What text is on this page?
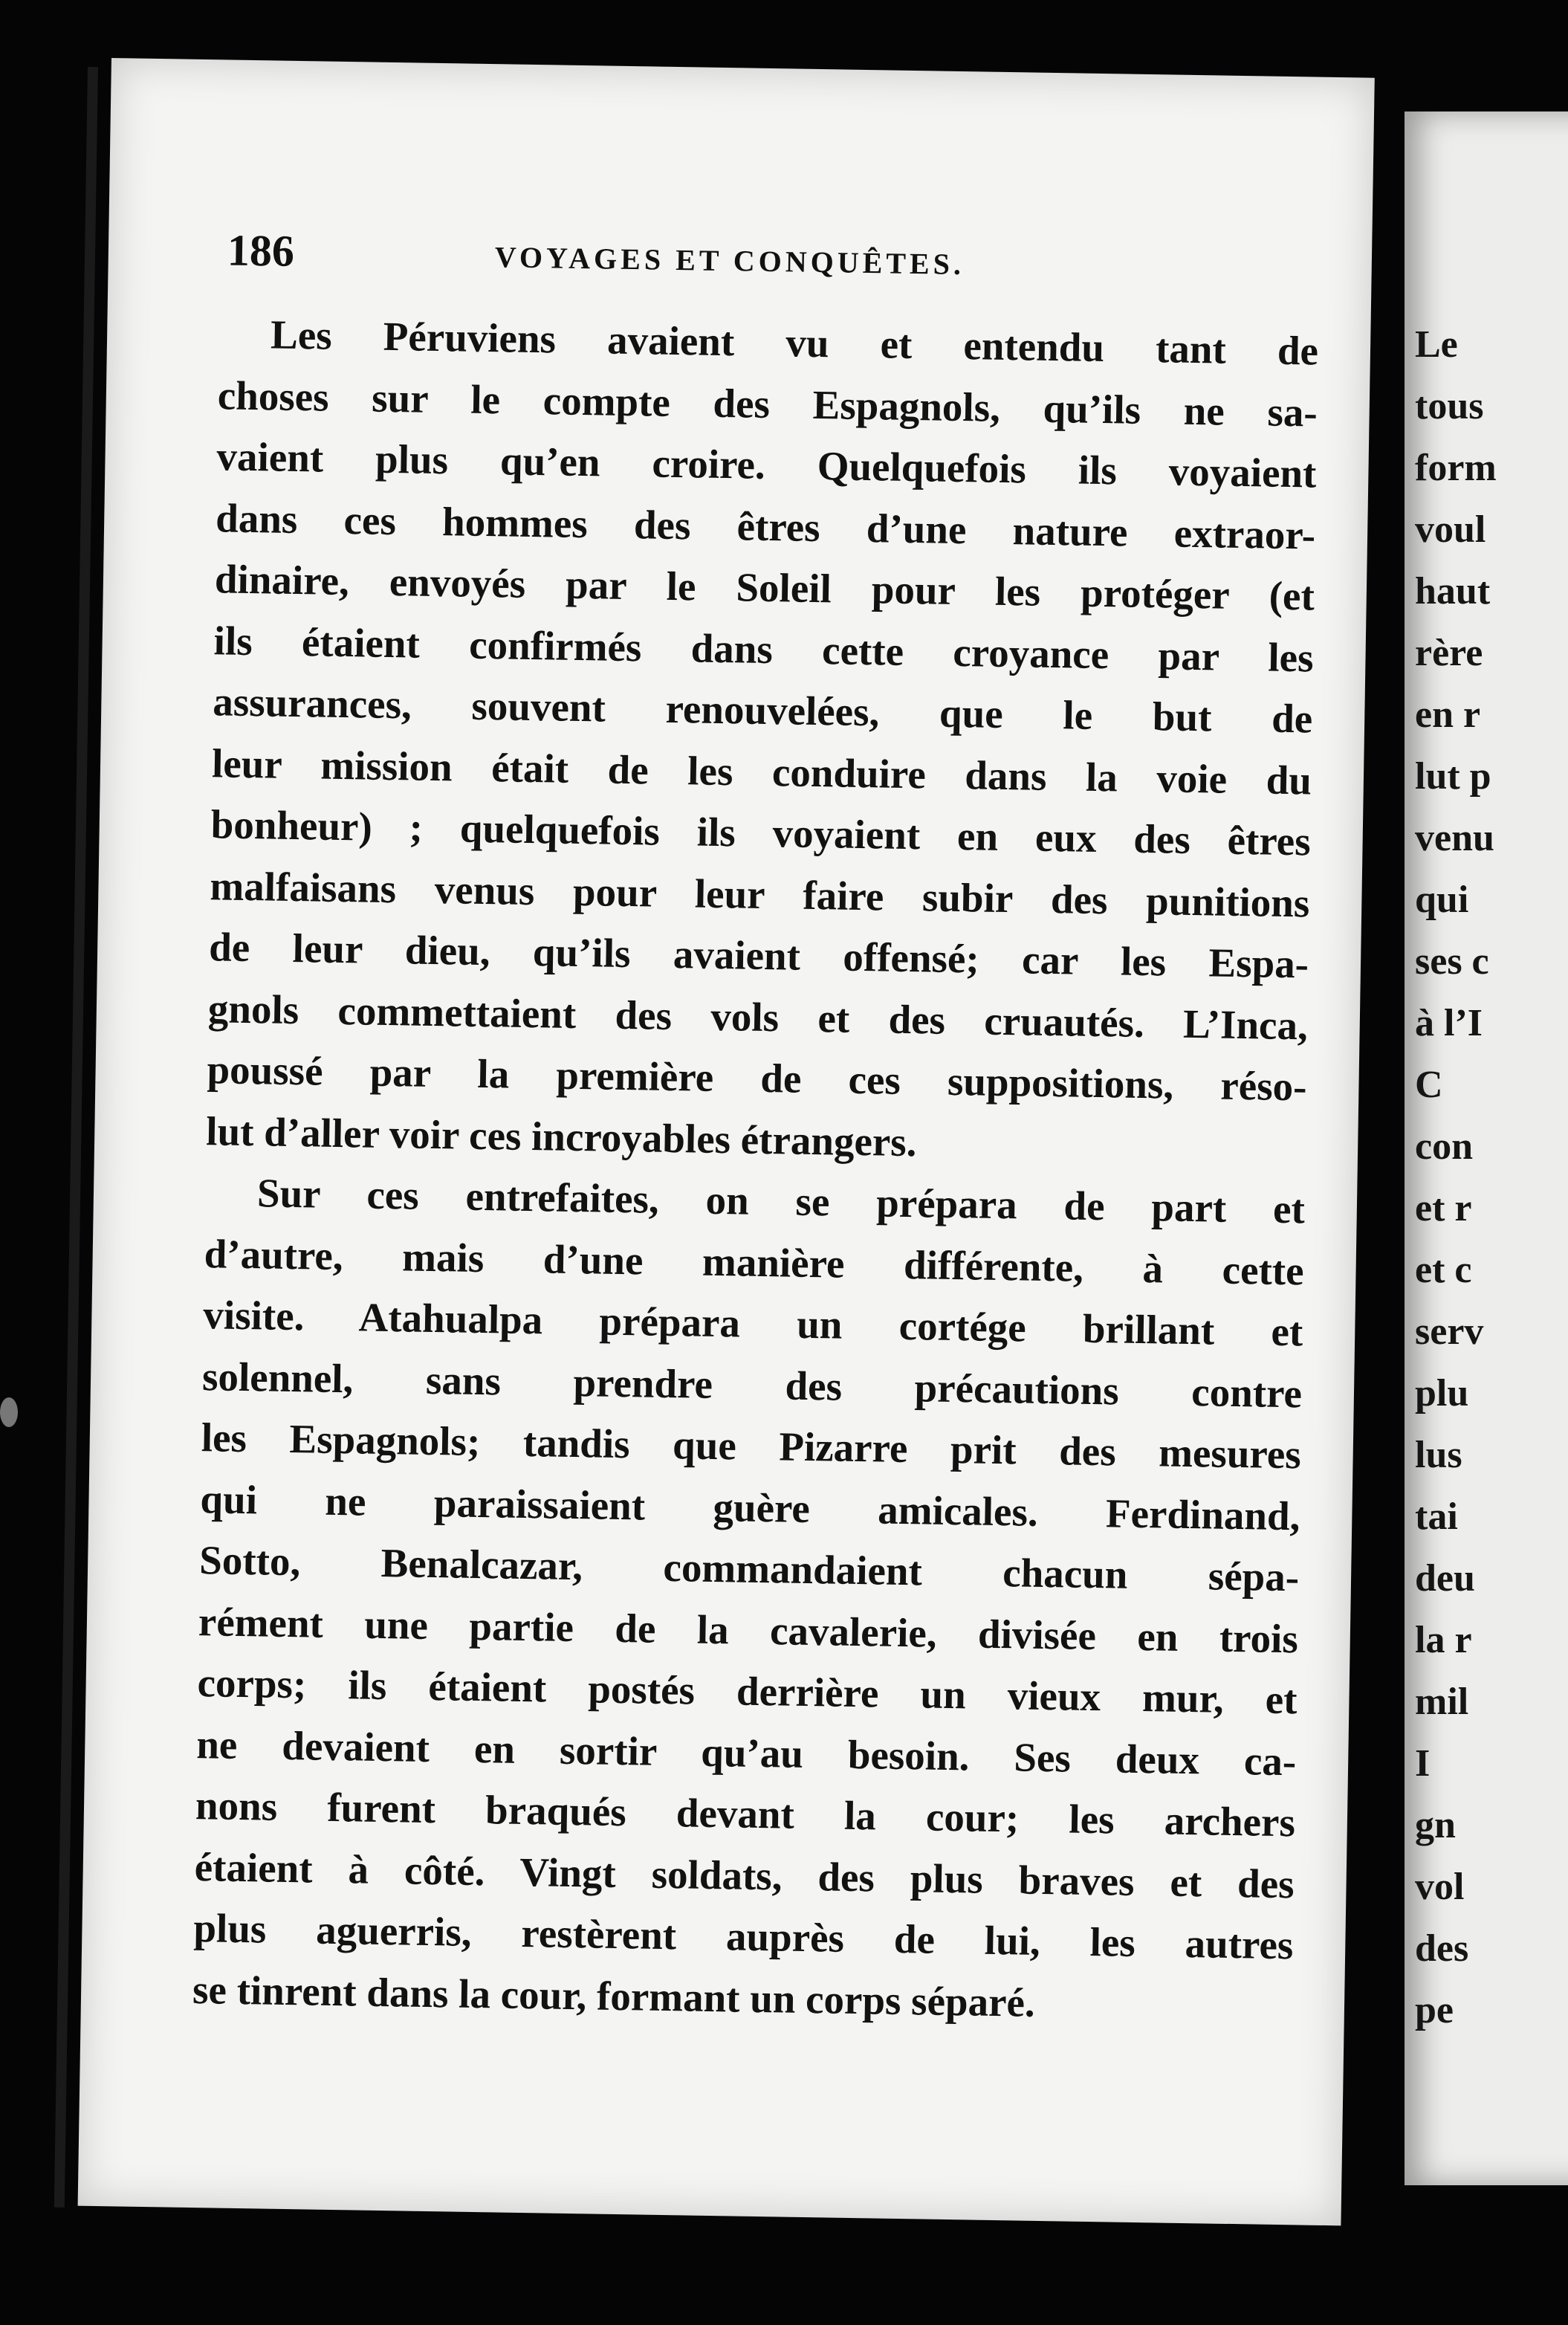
186	VOYAGES ET CONQUÊTES.
Les Péruviens avaient vu et entendu tant de
choses sur le compte des Espagnols, qu’ils ne sa-
vaient plus qu’en croire. Quelquefois ils voyaient
dans ces hommes des êtres d’une nature extraor-
dinaire, envoyés par le Soleil pour les protéger (et
ils étaient confirmés dans cette croyance par les
assurances, souvent renouvelées, que le but de
leur mission était de les conduire dans la voie du
bonheur) ; quelquefois ils voyaient en eux des êtres
malfaisans venus pour leur faire subir des punitions
de leur dieu, qu’ils avaient offensé; car les Espa-
gnols commettaient des vols et des cruautés. L’Inca,
poussé par la première de ces suppositions, réso-
lut d’aller voir ces incroyables étrangers.
Sur ces entrefaites, on se prépara de part et
d’autre, mais d’une manière différente, à cette
visite. Atahualpa prépara un cortége brillant et
solennel, sans prendre des précautions contre
les Espagnols; tandis que Pizarre prit des mesures
qui ne paraissaient guère amicales. Ferdinand,
Sotto, Benalcazar, commandaient chacun sépa-
rément une partie de la cavalerie, divisée en trois
corps; ils étaient postés derrière un vieux mur, et
ne devaient en sortir qu’au besoin. Ses deux ca-
nons furent braqués devant la cour; les archers
étaient à côté. Vingt soldats, des plus braves et des
plus aguerris, restèrent auprès de lui, les autres
se tinrent dans la cour, formant un corps séparé.
Le
tous
form
voul
haut
rère
en r
lut p
venu
qui
ses c
à l’I
C
con
et r
et c
serv
plu
lus
tai
deu
la r
mil
I
gn
vol
des
pe
